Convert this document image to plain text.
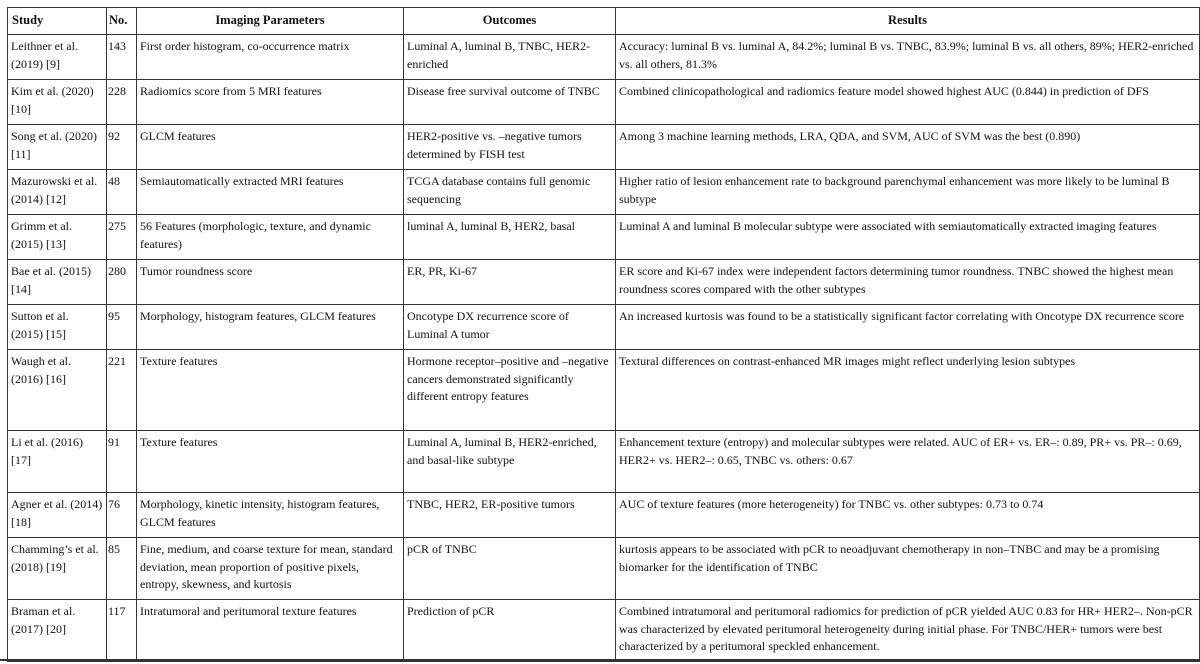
Study	No.	Imaging Parameters	Outcomes	Results
Leithner et al. (2019) [9]	143	First order histogram, co-occurrence matrix	Luminal A, luminal B, TNBC, HER2-enriched	Accuracy: luminal B vs. luminal A, 84.2%; luminal B vs. TNBC, 83.9%; luminal B vs. all others, 89%; HER2-enriched vs. all others, 81.3%
Kim et al. (2020) [10]	228	Radiomics score from 5 MRI features	Disease free survival outcome of TNBC	Combined clinicopathological and radiomics feature model showed highest AUC (0.844) in prediction of DFS
Song et al. (2020) [11]	92	GLCM features	HER2-positive vs. –negative tumors determined by FISH test	Among 3 machine learning methods, LRA, QDA, and SVM, AUC of SVM was the best (0.890)
Mazurowski et al. (2014) [12]	48	Semiautomatically extracted MRI features	TCGA database contains full genomic sequencing	Higher ratio of lesion enhancement rate to background parenchymal enhancement was more likely to be luminal B subtype
Grimm et al. (2015) [13]	275	56 Features (morphologic, texture, and dynamic features)	luminal A, luminal B, HER2, basal	Luminal A and luminal B molecular subtype were associated with semiautomatically extracted imaging features
Bae et al. (2015) [14]	280	Tumor roundness score	ER, PR, Ki-67	ER score and Ki-67 index were independent factors determining tumor roundness. TNBC showed the highest mean roundness scores compared with the other subtypes
Sutton et al. (2015) [15]	95	Morphology, histogram features, GLCM features	Oncotype DX recurrence score of Luminal A tumor	An increased kurtosis was found to be a statistically significant factor correlating with Oncotype DX recurrence score
Waugh et al. (2016) [16]	221	Texture features	Hormone receptor–positive and –negative cancers demonstrated significantly different entropy features	Textural differences on contrast-enhanced MR images might reflect underlying lesion subtypes
Li et al. (2016) [17]	91	Texture features	Luminal A, luminal B, HER2-enriched, and basal-like subtype	Enhancement texture (entropy) and molecular subtypes were related. AUC of ER+ vs. ER–: 0.89, PR+ vs. PR–: 0.69, HER2+ vs. HER2–: 0.65, TNBC vs. others: 0.67
Agner et al. (2014) [18]	76	Morphology, kinetic intensity, histogram features, GLCM features	TNBC, HER2, ER-positive tumors	AUC of texture features (more heterogeneity) for TNBC vs. other subtypes: 0.73 to 0.74
Chamming’s et al. (2018) [19]	85	Fine, medium, and coarse texture for mean, standard deviation, mean proportion of positive pixels, entropy, skewness, and kurtosis	pCR of TNBC	kurtosis appears to be associated with pCR to neoadjuvant chemotherapy in non–TNBC and may be a promising biomarker for the identification of TNBC
Braman et al. (2017) [20]	117	Intratumoral and peritumoral texture features	Prediction of pCR	Combined intratumoral and peritumoral radiomics for prediction of pCR yielded AUC 0.83 for HR+ HER2–. Non-pCR was characterized by elevated peritumoral heterogeneity during initial phase. For TNBC/HER+ tumors were best characterized by a peritumoral speckled enhancement.
